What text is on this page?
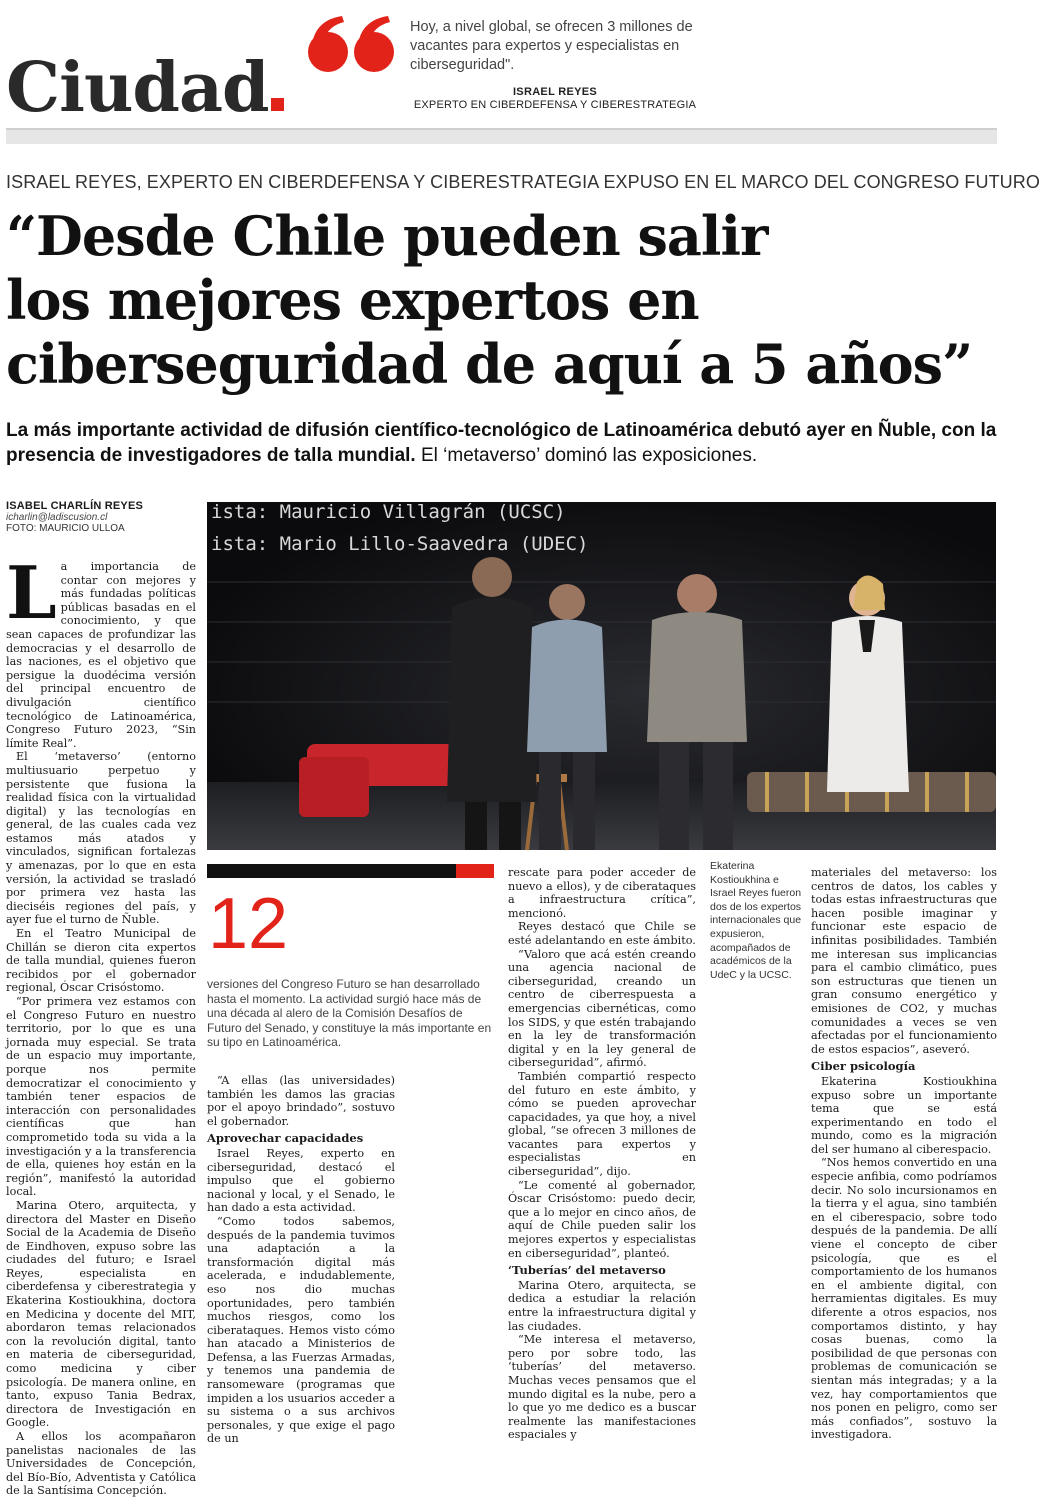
Ciudad
Hoy, a nivel global, se ofrecen 3 millones de vacantes para expertos y especialistas en ciberseguridad".
ISRAEL REYES
EXPERTO EN CIBERDEFENSA Y CIBERESTRATEGIA
ISRAEL REYES, EXPERTO EN CIBERDEFENSA Y CIBERESTRATEGIA EXPUSO EN EL MARCO DEL CONGRESO FUTURO
“Desde Chile pueden salir
los mejores expertos en
ciberseguridad de aquí a 5 años”
La más importante actividad de difusión científico-tecnológico de Latinoamérica debutó ayer en Ñuble, con la presencia de investigadores de talla mundial. El ‘metaverso’ dominó las exposiciones.
ISABEL CHARLÍN REYES
icharlin@ladiscusion.cl
FOTO: MAURICIO ULLOA
ista: Mauricio Villagrán (UCSC)
ista: Mario Lillo-Saavedra (UDEC)
L a importancia de contar con mejores y más fundadas políticas públicas basadas en el conocimiento, y que sean capaces de profundizar las democracias y el desarrollo de las naciones, es el objetivo que persigue la duodécima versión del principal encuentro de divulgación científico tecnológico de Latinoamérica, Congreso Futuro 2023, “Sin límite Real”.

El ‘metaverso’ (entorno multiusuario perpetuo y persistente que fusiona la realidad física con la virtualidad digital) y las tecnologías en general, de las cuales cada vez estamos más atados y vinculados, significan fortalezas y amenazas, por lo que en esta versión, la actividad se trasladó por primera vez hasta las dieciséis regiones del país, y ayer fue el turno de Ñuble.

En el Teatro Municipal de Chillán se dieron cita expertos de talla mundial, quienes fueron recibidos por el gobernador regional, Óscar Crisóstomo.

“Por primera vez estamos con el Congreso Futuro en nuestro territorio, por lo que es una jornada muy especial. Se trata de un espacio muy importante, porque nos permite democratizar el conocimiento y también tener espacios de interacción con personalidades científicas que han comprometido toda su vida a la investigación y a la transferencia de ella, quienes hoy están en la región”, manifestó la autoridad local.

Marina Otero, arquitecta, y directora del Master en Diseño Social de la Academia de Diseño de Eindhoven, expuso sobre las ciudades del futuro; e Israel Reyes, especialista en ciberdefensa y ciberestrategia y Ekaterina Kostioukhina, doctora en Medicina y docente del MIT, abordaron temas relacionados con la revolución digital, tanto en materia de ciberseguridad, como medicina y ciber psicología. De manera online, en tanto, expuso Tania Bedrax, directora de Investigación en Google.

A ellos los acompañaron panelistas nacionales de las Universidades de Concepción, del Bío-Bío, Adventista y Católica de la Santísima Concepción.

12
versiones del Congreso Futuro se han desarrollado hasta el momento. La actividad surgió hace más de una década al alero de la Comisión Desafíos de Futuro del Senado, y constituye la más importante en su tipo en Latinoamérica.

“A ellas (las universidades) también les damos las gracias por el apoyo brindado”, sostuvo el gobernador.

Aprovechar capacidades

Israel Reyes, experto en ciberseguridad, destacó el impulso que el gobierno nacional y local, y el Senado, le han dado a esta actividad.

“Como todos sabemos, después de la pandemia tuvimos una adaptación a la transformación digital más acelerada, e indudablemente, eso nos dio muchas oportunidades, pero también muchos riesgos, como los ciberataques. Hemos visto cómo han atacado a Ministerios de Defensa, a las Fuerzas Armadas, y tenemos una pandemia de ransomeware (programas que impiden a los usuarios acceder a su sistema o a sus archivos personales, y que exige el pago de un

rescate para poder acceder de nuevo a ellos), y de ciberataques a infraestructura crítica”, mencionó.

Reyes destacó que Chile se esté adelantando en este ámbito.

“Valoro que acá estén creando una agencia nacional de ciberseguridad, creando un centro de ciberrespuesta a emergencias cibernéticas, como los SIDS, y que estén trabajando en la ley de transformación digital y en la ley general de ciberseguridad”, afirmó.

También compartió respecto del futuro en este ámbito, y cómo se pueden aprovechar capacidades, ya que hoy, a nivel global, “se ofrecen 3 millones de vacantes para expertos y especialistas en ciberseguridad”, dijo.

“Le comenté al gobernador, Óscar Crisóstomo: puedo decir, que a lo mejor en cinco años, de aquí de Chile pueden salir los mejores expertos y especialistas en ciberseguridad”, planteó.

‘Tuberías’ del metaverso

Marina Otero, arquitecta, se dedica a estudiar la relación entre la infraestructura digital y las ciudades.

“Me interesa el metaverso, pero por sobre todo, las ‘tuberías’ del metaverso. Muchas veces pensamos que el mundo digital es la nube, pero a lo que yo me dedico es a buscar realmente las manifestaciones espaciales y

Ekaterina Kostioukhina e Israel Reyes fueron dos de los expertos internacionales que expusieron, acompañados de académicos de la UdeC y la UCSC.

materiales del metaverso: los centros de datos, los cables y todas estas infraestructuras que hacen posible imaginar y funcionar este espacio de infinitas posibilidades. También me interesan sus implicancias para el cambio climático, pues son estructuras que tienen un gran consumo energético y emisiones de CO2, y muchas comunidades a veces se ven afectadas por el funcionamiento de estos espacios”, aseveró.

Ciber psicología

Ekaterina Kostioukhina expuso sobre un importante tema que se está experimentando en todo el mundo, como es la migración del ser humano al ciberespacio.

“Nos hemos convertido en una especie anfibia, como podríamos decir. No solo incursionamos en la tierra y el agua, sino también en el ciberespacio, sobre todo después de la pandemia. De allí viene el concepto de ciber psicología, que es el comportamiento de los humanos en el ambiente digital, con herramientas digitales. Es muy diferente a otros espacios, nos comportamos distinto, y hay cosas buenas, como la posibilidad de que personas con problemas de comunicación se sientan más integradas; y a la vez, hay comportamientos que nos ponen en peligro, como ser más confiados”, sostuvo la investigadora.
